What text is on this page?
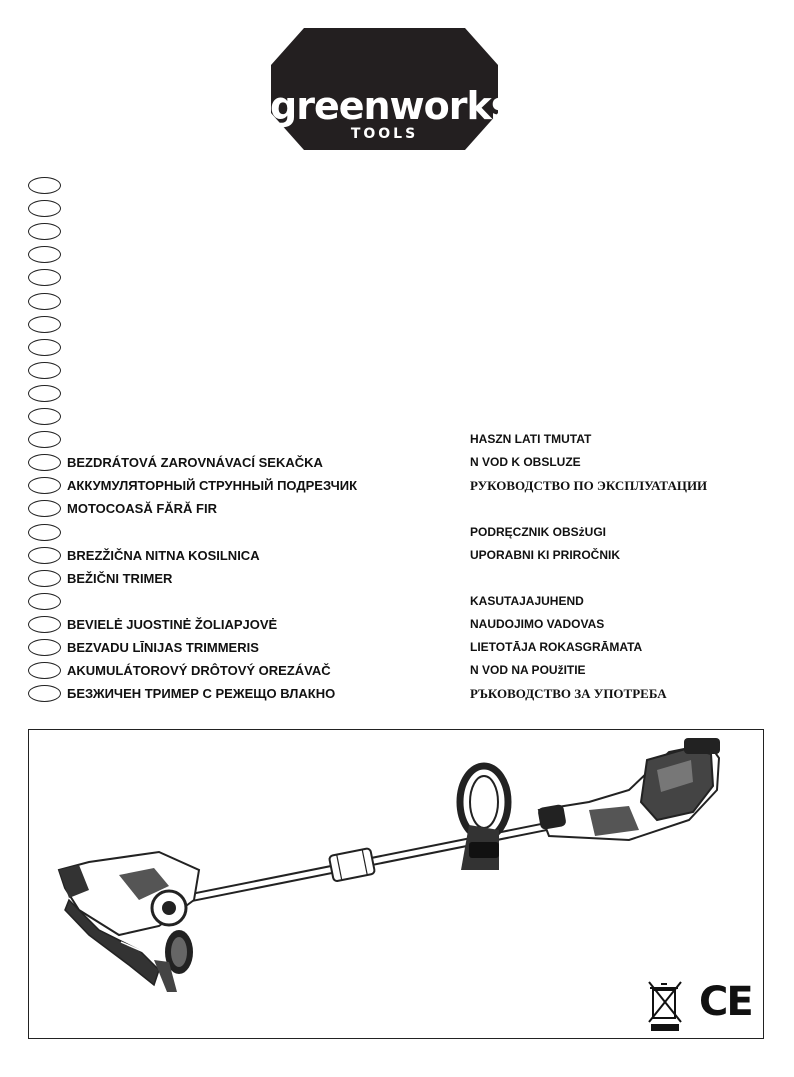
greenworks
TOOLS
HASZN LATI TMUTAT
BEZDRÁTOVÁ ZAROVNÁVACÍ SEKAČKA	N VOD K OBSLUZE
АККУМУЛЯТОРНЫЙ СТРУННЫЙ ПОДРЕЗЧИК	РУКОВОДСТВО ПО ЭКСПЛУАТАЦИИ
MOTOCOASĂ FĂRĂ FIR
PODRĘCZNIK OBSżUGI
BREZŽIČNA NITNA KOSILNICA	UPORABNI KI PRIROČNIK
BEŽIČNI TRIMER
KASUTAJAJUHEND
BEVIELĖ JUOSTINĖ ŽOLIAPJOVĖ	NAUDOJIMO VADOVAS
BEZVADU LĪNIJAS TRIMMERIS	LIETOTĀJA ROKASGRĀMATA
AKUMULÁTOROVÝ DRÔTOVÝ OREZÁVAČ	N VOD NA POUžITIE
БЕЗЖИЧЕН ТРИМЕР С РЕЖЕЩО ВЛАКНО	РЪКОВОДСТВО ЗА УПОТРЕБА
CE
